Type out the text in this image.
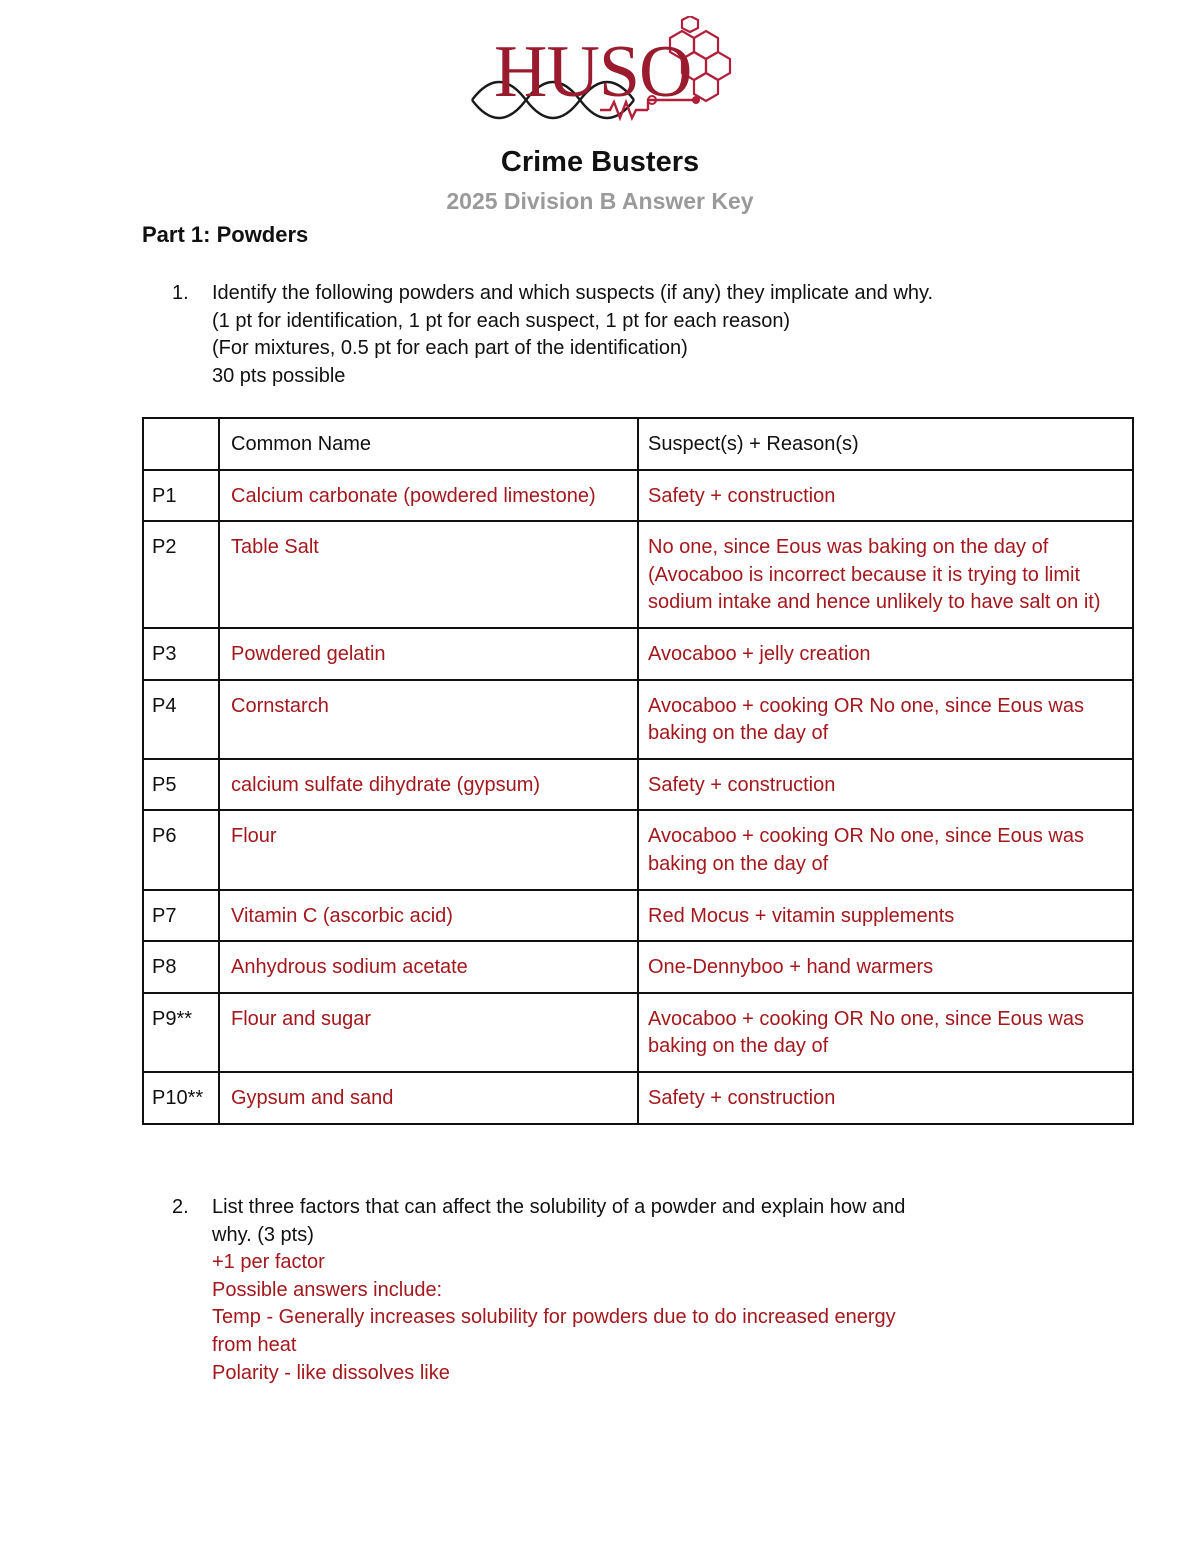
HUSO
Crime Busters
2025 Division B Answer Key
Part 1: Powders
1. Identify the following powders and which suspects (if any) they implicate and why.
(1 pt for identification, 1 pt for each suspect, 1 pt for each reason)
(For mixtures, 0.5 pt for each part of the identification)
30 pts possible
	Common Name	Suspect(s) + Reason(s)
P1	Calcium carbonate (powdered limestone)	Safety + construction
P2	Table Salt	No one, since Eous was baking on the day of (Avocaboo is incorrect because it is trying to limit sodium intake and hence unlikely to have salt on it)
P3	Powdered gelatin	Avocaboo + jelly creation
P4	Cornstarch	Avocaboo + cooking OR No one, since Eous was baking on the day of
P5	calcium sulfate dihydrate (gypsum)	Safety + construction
P6	Flour	Avocaboo + cooking OR No one, since Eous was baking on the day of
P7	Vitamin C (ascorbic acid)	Red Mocus + vitamin supplements
P8	Anhydrous sodium acetate	One-Dennyboo + hand warmers
P9**	Flour and sugar	Avocaboo + cooking OR No one, since Eous was baking on the day of
P10**	Gypsum and sand	Safety + construction
2. List three factors that can affect the solubility of a powder and explain how and
why. (3 pts)
+1 per factor
Possible answers include:
Temp - Generally increases solubility for powders due to do increased energy
from heat
Polarity - like dissolves like
